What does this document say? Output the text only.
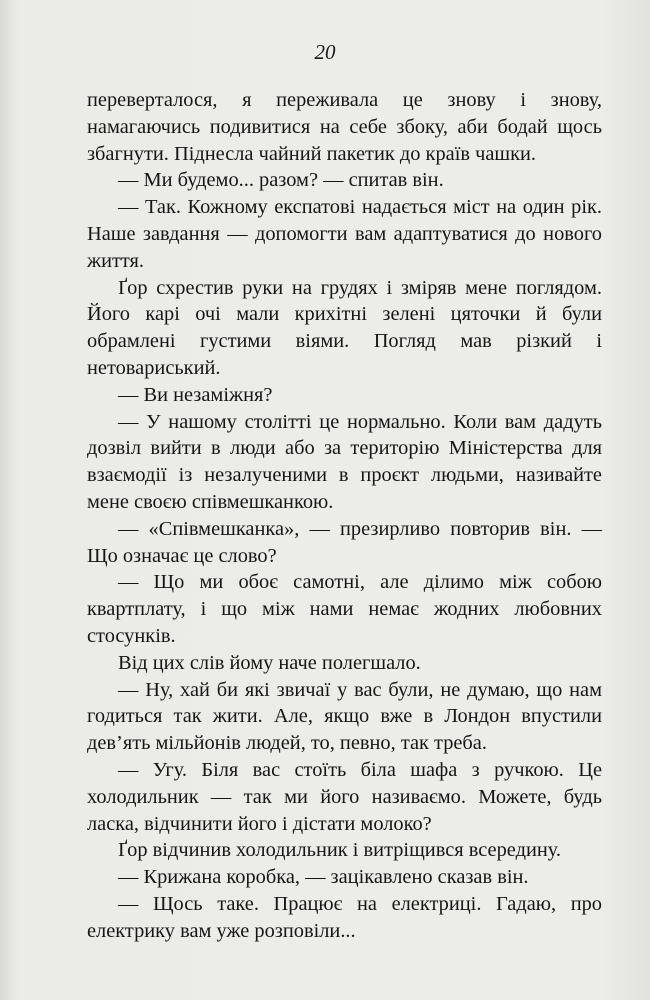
20

переверталося, я переживала це знову і знову, намагаючись подивитися на себе збоку, аби бодай щось збагнути. Піднесла чайний пакетик до країв чашки.

— Ми будемо... разом? — спитав він.

— Так. Кожному експатові надається міст на один рік. Наше завдання — допомогти вам адаптуватися до нового життя.

Ґор схрестив руки на грудях і зміряв мене поглядом. Його карі очі мали крихітні зелені цяточки й були обрамлені густими віями. Погляд мав різкий і нетовариський.

— Ви незаміжня?

— У нашому столітті це нормально. Коли вам дадуть дозвіл вийти в люди або за територію Міністерства для взаємодії із незалученими в проєкт людьми, називайте мене своєю співмешканкою.

— «Співмешканка», — презирливо повторив він. — Що означає це слово?

— Що ми обоє самотні, але ділимо між собою квартплату, і що між нами немає жодних любовних стосунків.

Від цих слів йому наче полегшало.

— Ну, хай би які звичаї у вас були, не думаю, що нам годиться так жити. Але, якщо вже в Лондон впустили дев’ять мільйонів людей, то, певно, так треба.

— Угу. Біля вас стоїть біла шафа з ручкою. Це холодильник — так ми його називаємо. Можете, будь ласка, відчинити його і дістати молоко?

Ґор відчинив холодильник і витріщився всередину.

— Крижана коробка, — зацікавлено сказав він.

— Щось таке. Працює на електриці. Гадаю, про електрику вам уже розповіли...
